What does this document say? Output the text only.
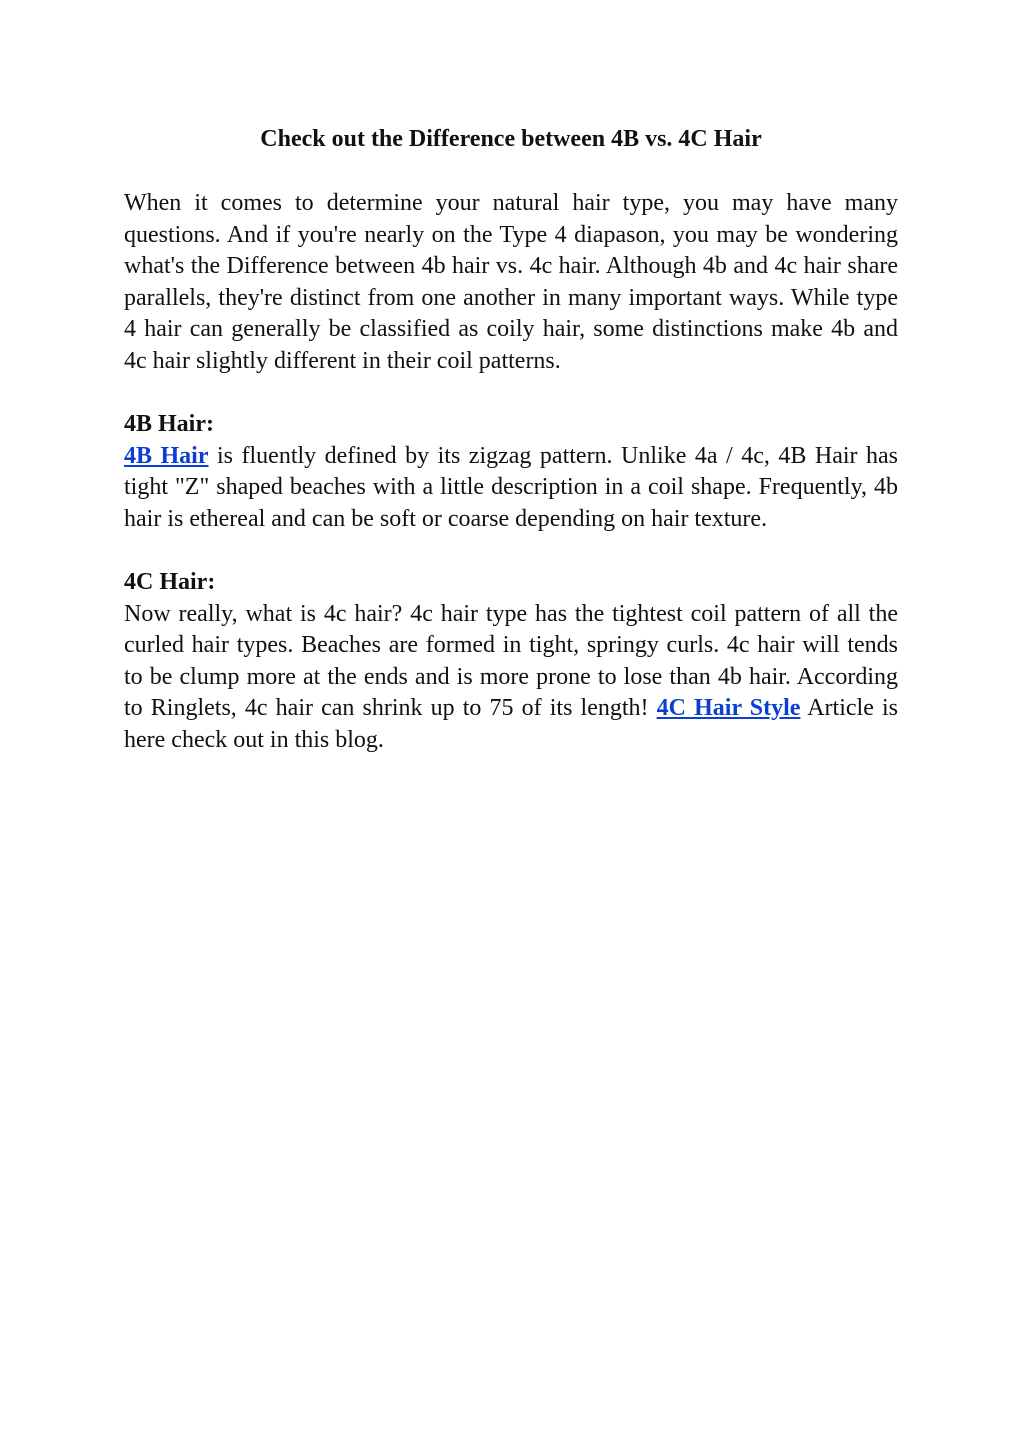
Check out the Difference between 4B vs. 4C Hair

When it comes to determine your natural hair type, you may have many questions. And if you're nearly on the Type 4 diapason, you may be wondering what's the Difference between 4b hair vs. 4c hair. Although 4b and 4c hair share parallels, they're distinct from one another in many important ways. While type 4 hair can generally be classified as coily hair, some distinctions make 4b and 4c hair slightly different in their coil patterns.

4B Hair:

4B Hair is fluently defined by its zigzag pattern. Unlike 4a / 4c, 4B Hair has tight "Z" shaped beaches with a little description in a coil shape. Frequently, 4b hair is ethereal and can be soft or coarse depending on hair texture.

4C Hair:

Now really, what is 4c hair? 4c hair type has the tightest coil pattern of all the curled hair types. Beaches are formed in tight, springy curls. 4c hair will tends to be clump more at the ends and is more prone to lose than 4b hair. According to Ringlets, 4c hair can shrink up to 75 of its length! 4C Hair Style Article is here check out in this blog.
